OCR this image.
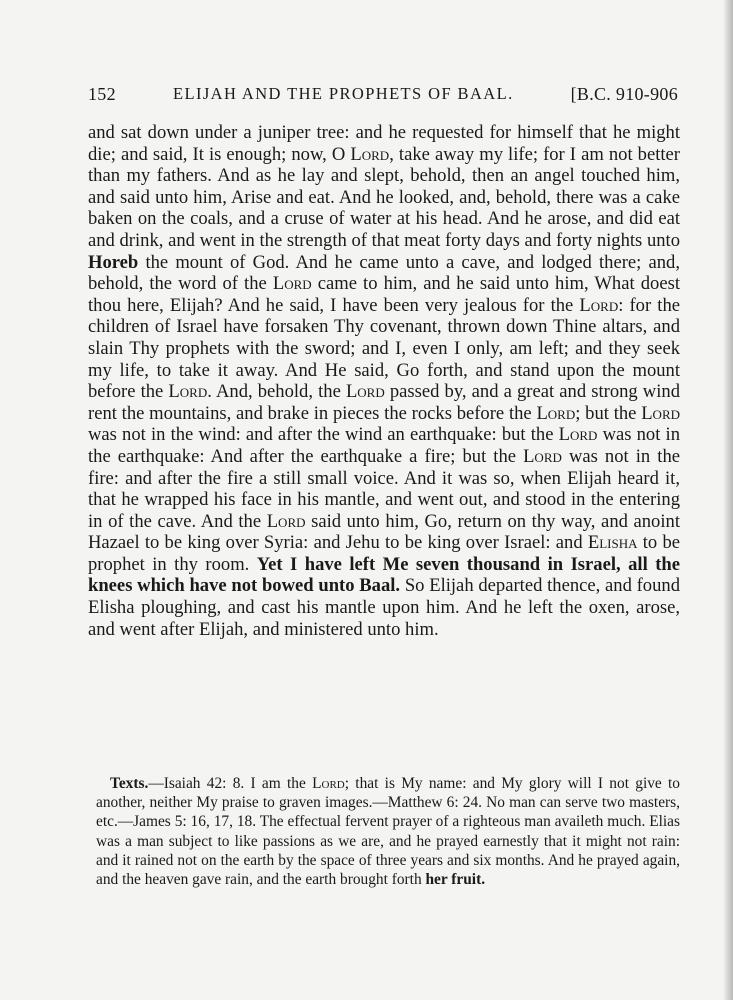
152	ELIJAH AND THE PROPHETS OF BAAL.	[B.C. 910-906

and sat down under a juniper tree: and he requested for himself that he might die; and said, It is enough; now, O Lord, take away my life; for I am not better than my fathers. And as he lay and slept, behold, then an angel touched him, and said unto him, Arise and eat. And he looked, and, behold, there was a cake baken on the coals, and a cruse of water at his head. And he arose, and did eat and drink, and went in the strength of that meat forty days and forty nights unto Horeb the mount of God. And he came unto a cave, and lodged there; and, behold, the word of the Lord came to him, and he said unto him, What doest thou here, Elijah? And he said, I have been very jealous for the Lord: for the children of Israel have forsaken Thy covenant, thrown down Thine altars, and slain Thy prophets with the sword; and I, even I only, am left; and they seek my life, to take it away. And He said, Go forth, and stand upon the mount before the Lord. And, behold, the Lord passed by, and a great and strong wind rent the mountains, and brake in pieces the rocks before the Lord; but the Lord was not in the wind: and after the wind an earthquake: but the Lord was not in the earthquake: And after the earthquake a fire; but the Lord was not in the fire: and after the fire a still small voice. And it was so, when Elijah heard it, that he wrapped his face in his mantle, and went out, and stood in the entering in of the cave. And the Lord said unto him, Go, return on thy way, and anoint Hazael to be king over Syria: and Jehu to be king over Israel: and Elisha to be prophet in thy room. Yet I have left Me seven thousand in Israel, all the knees which have not bowed unto Baal. So Elijah departed thence, and found Elisha ploughing, and cast his mantle upon him. And he left the oxen, arose, and went after Elijah, and ministered unto him.

Texts.—Isaiah 42: 8. I am the Lord; that is My name: and My glory will I not give to another, neither My praise to graven images.—Matthew 6: 24. No man can serve two masters, etc.—James 5: 16, 17, 18. The effectual fervent prayer of a righteous man availeth much. Elias was a man subject to like passions as we are, and he prayed earnestly that it might not rain: and it rained not on the earth by the space of three years and six months. And he prayed again, and the heaven gave rain, and the earth brought forth her fruit.
